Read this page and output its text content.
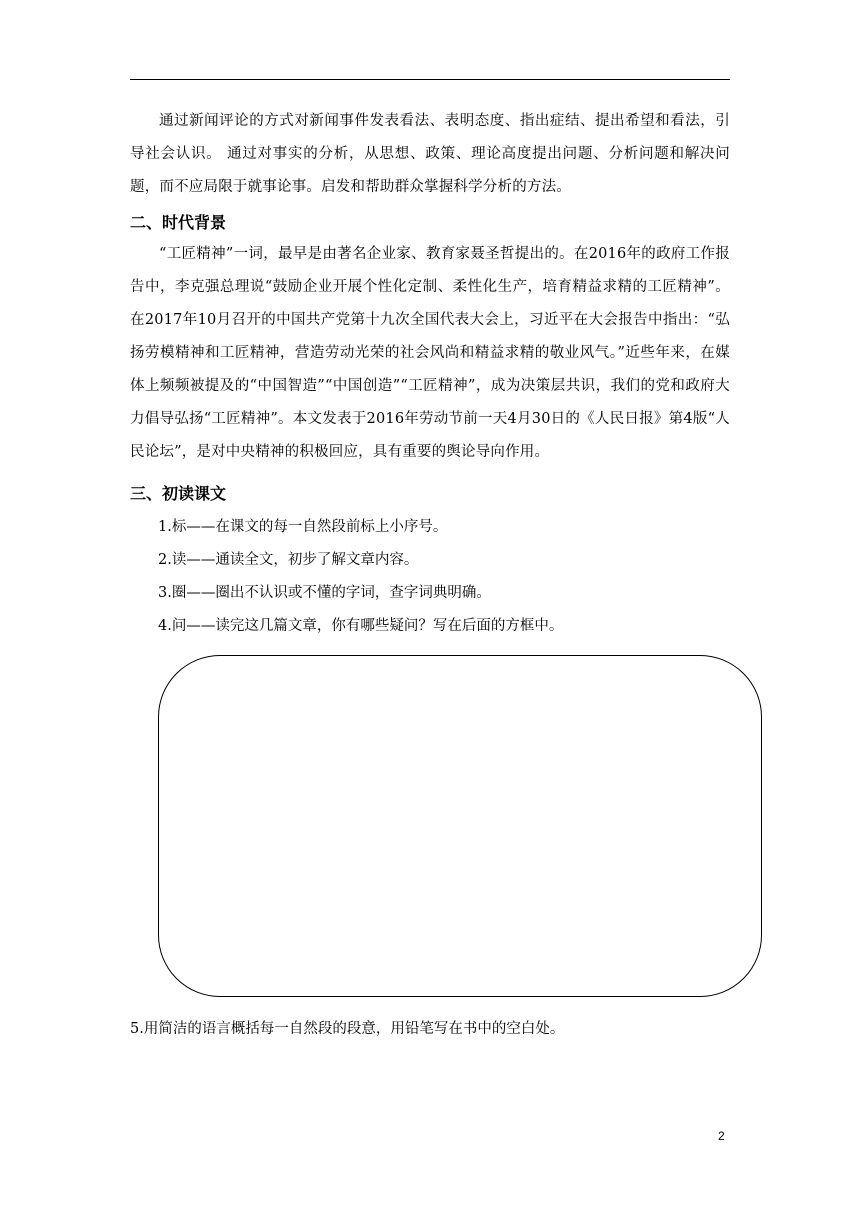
通过新闻评论的方式对新闻事件发表看法、表明态度、指出症结、提出希望和看法，引导社会认识。 通过对事实的分析，从思想、政策、理论高度提出问题、分析问题和解决问题，而不应局限于就事论事。启发和帮助群众掌握科学分析的方法。
二、时代背景
“工匠精神”一词，最早是由著名企业家、教育家聂圣哲提出的。在2016年的政府工作报告中，李克强总理说“鼓励企业开展个性化定制、柔性化生产，培育精益求精的工匠精神”。在2017年10月召开的中国共产党第十九次全国代表大会上，习近平在大会报告中指出：“弘扬劳模精神和工匠精神，营造劳动光荣的社会风尚和精益求精的敬业风气。”近些年来，在媒体上频频被提及的“中国智造”“中国创造”“工匠精神”，成为决策层共识，我们的党和政府大力倡导弘扬“工匠精神”。本文发表于2016年劳动节前一天4月30日的《人民日报》第4版“人民论坛”，是对中央精神的积极回应，具有重要的舆论导向作用。
三、初读课文
1.标——在课文的每一自然段前标上小序号。
2.读——通读全文，初步了解文章内容。
3.圈——圈出不认识或不懂的字词，查字词典明确。
4.问——读完这几篇文章，你有哪些疑问？写在后面的方框中。
5.用简洁的语言概括每一自然段的段意，用铅笔写在书中的空白处。
2
